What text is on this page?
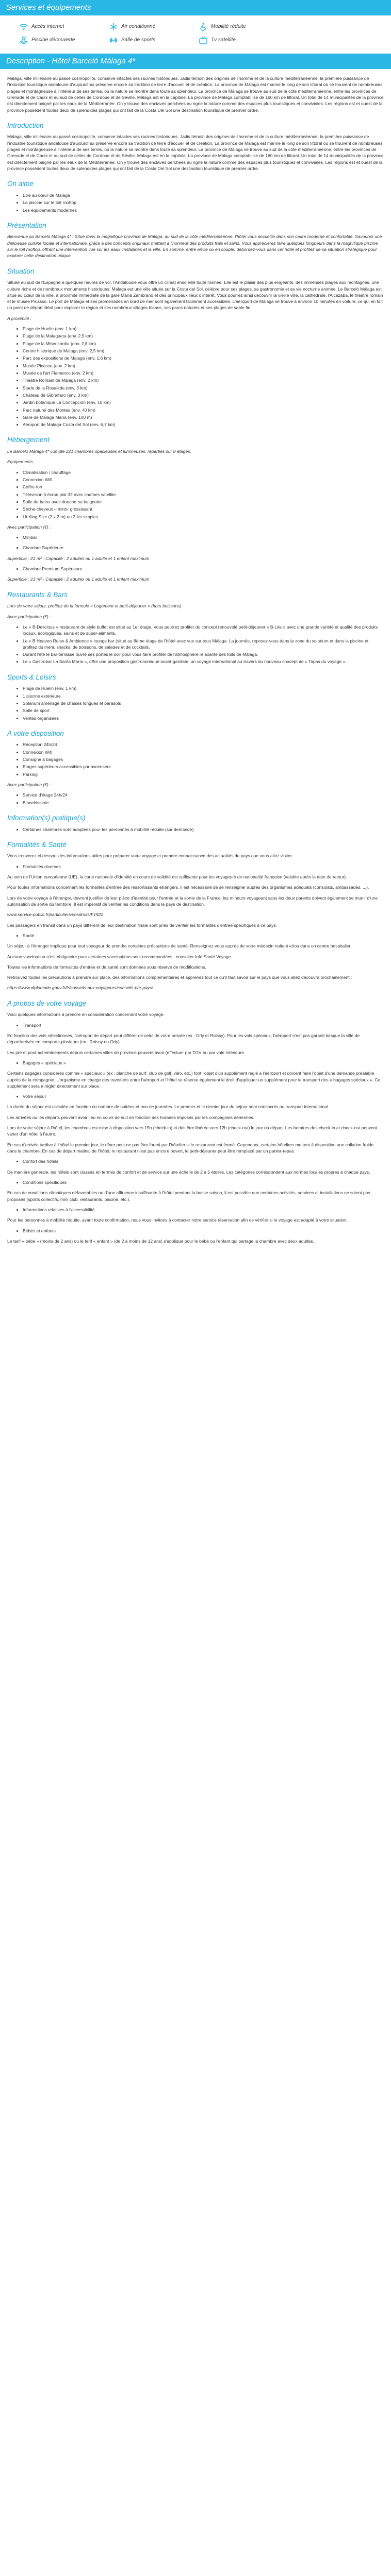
Services et équipements
Accès internet	Air conditionné	Mobilité réduite
Piscine découverte	Salle de sports	Tv satellite
Description - Hôtel Barceló Málaga 4*

Málaga, ville millénaire au passé cosmopolite, conserve intactes ses racines historiques. Jadis témoin des origines de l'homme et de la culture méditerranéenne, la première puissance de l'industrie touristique andalouse d'aujourd'hui préserve encore sa tradition de terre d'accueil et de création. La province de Málaga est marine le long de son littoral où se trouvent de nombreuses plages et montagneuse à l'intérieur de ses terres, où la nature se montre dans toute sa splendeur. La province de Málaga se trouve au sud de la côte méditerranéenne, entre les provinces de Grenade et de Cadix et au sud de celles de Cordoue et de Séville. Málaga est en la capitale. La province de Málaga comptabilise de 160 km de littoral. Un total de 14 municipalités de la province est directement baigné par les eaux de la Méditerranée. On y trouve des enclaves perchées au rigne la nature comme des espaces plus touristiques et conviviales. Les régions est et ouest de la province possèdent toutes deux de splendides plages qui ont fait de la Costa Del Sol une destination touristique de premier ordre.

Introduction

Málaga, ville millénaire au passé cosmopolite, conserve intactes ses racines historiques. Jadis témoin des origines de l'homme et de la culture méditerranéenne, la première puissance de l'industrie touristique andalouse d'aujourd'hui préserve encore sa tradition de terre d'accueil et de création. La province de Málaga est marine le long de son littoral où se trouvent de nombreuses plages et montagneuse à l'intérieur de ses terres, où la nature se montre dans toute sa splendeur. La province de Málaga se trouve au sud de la côte méditerranéenne, entre les provinces de Grenade et de Cadix et au sud de celles de Cordoue et de Séville. Málaga est en la capitale. La province de Málaga comptabilise de 160 km de littoral. Un total de 14 municipalités de la province est directement baigné par les eaux de la Méditerranée. On y trouve des enclaves perchées au rigne la nature comme des espaces plus touristiques et conviviales. Les régions est et ouest de la province possèdent toutes deux de splendides plages qui ont fait de la Costa Del Sol une destination touristique de premier ordre.

On aime
• Etre au cœur de Málaga
• La piscine sur le toit rooftop
• Les équipements modernes
Présentation

Bienvenue au Barceló Málaga 4* ! Situé dans la magnifique province de Málaga, au sud de la côte méditerranéenne, l'hôtel vous accueille dans son cadre moderne et confortable. Savourez une délicieuse cuisine locale et internationale, grâce à des concepts originaux mettant à l'honneur des produits frais et sains. Vous apprécierez faire quelques longueurs dans la magnifique piscine sur le toit rooftop, offrant une intervention vue sur les eaux cristallines et la ville. En somme, entre envie ou en couple, débordez-vous dans cet hôtel et profitez de sa situation stratégique pour explorer cette destination unique.

Situation

Située au sud de l'Espagne à quelques heures de vol, l'Andalousie vous offre un climat ensoleillé toute l'année. Elle est le plaisir des plus exigeants, des immenses plages aux montagnes, une culture riche et de nombreux monuments historiques. Málaga est une ville située sur la Costa del Sol, célèbre pour ses plages, sa gastronomie et sa vie nocturne animée. Le Barceló Málaga est situé au cœur de la ville, à proximité immédiate de la gare María Zambrano et des principaux lieux d'intérêt. Vous pourrez ainsi découvrir la vieille ville, la cathédrale, l'Alcazaba, le théâtre romain et le musée Picasso. Le port de Málaga et ses promenades en bord de mer sont également facilement accessibles. L'aéroport de Málaga se trouve à environ 10 minutes en voiture, ce qui en fait un point de départ idéal pour explorer la région et ses nombreux villages blancs, ses parcs naturels et ses plages de sable fin.

A proximité :

• Plage de Huelin (env. 1 km)
• Plage de la Malagueta (env. 2,5 km)
• Plage de la Misericordia (env. 2,8 km)
• Centre historique de Malaga (env. 2,5 km)
• Parc des expositions de Malaga (env. 1,6 km)
• Musée Picasso (env. 2 km)
• Musée de l'art Flamenco (env. 2 km)
• Théâtre Romain de Malaga (env. 2 km)
• Stade de la Rosaleda (env. 3 km)
• Château de Gibralfaro (env. 3 km)
• Jardin botanique La Concepción (env. 10 km)
• Parc naturel des Montes (env. 40 km)
• Gare de Malaga María (env. 100 m)
• Aéroport de Malaga-Costa del Sol (env. 6,7 km)
Hébergement

Le Barceló Málaga 4* compte 221 chambres spacieuses et lumineuses, réparties sur 8 étages.

Equipements :

• Climatisation / chauffage
• Connexion Wifi
• Coffre-fort
• Télévision à écran plat 32 avec chaînes satellite
• Salle de bains avec douche ou baignoire
• Sèche-cheveux – miroir grossissant
• Lit King Size (2 x 2 m) ou 2 lits simples

Avec participation (€) :

• Minibar
• Chambre Supérieure

Superficie : 21 m² - Capacité : 2 adultes ou 1 adulte et 1 enfant maximum

• Chambre Premium Supérieure

Superficie : 21 m² - Capacité : 2 adultes ou 1 adulte et 1 enfant maximum

Restaurants & Bars

Lors de votre séjour, profitez de la formule « Logement et petit-déjeuner » (hors boissons).

Avec participation (€) :

• Le « B-Delicious » restaurant de style buffet est situé au 1er étage. Vous pourrez profiter du concept renouvelé petit-déjeuner « B-Lite » avec une grande variété et qualité des produits locaux, écologiques, sains et de super-aliments.
• Le « B Heaven Relax & Ambience » lounge bar (situé au 8ème étage de l'hôtel avec vue sur tous Málaga. La journée, reposez-vous dans la zone du solarium et dans la piscine et profitez du menu snacks, de boissons, de salades et de cocktails.
• Durant l'été le bar-terrasse ouvre ses portes le soir pour vous faire profiter de l'atmosphère relaxante des toits de Málaga.
• Le « Gastrobar La Santa María », offre une proposition gastronomique avant-gardiste, un voyage international au travers du nouveau concept de « Tapas du voyage ».
Sports & Loisirs
• Plage de Huelin (env. 1 km)
• 1 piscine extérieure
• Solarium aménagé de chaises longues et parasols
• Salle de sport
• Ventes organisées
A votre disposition
• Réception 24h/24
• Connexion Wifi
• Consigne à bagages
• Etages supérieurs accessibles par ascenseur
• Parking

Avec participation (€) :

• Service d'étage 24h/24
• Blanchisserie
Information(s) pratique(s)
• Certaines chambres sont adaptées pour les personnes à mobilité réduite (sur demande).
Formalités & Santé

Vous trouverez ci-dessous les informations utiles pour préparer votre voyage et prendre connaissance des actualités du pays que vous allez visiter.

• Formalités diverses

Au sein de l'Union européenne (UE), la carte nationale d'identité en cours de validité est suffisante pour les voyageurs de nationalité française (valable après la date de retour).

Pour toutes informations concernant les formalités d'entrée des ressortissants étrangers, il est nécessaire de se renseigner auprès des organismes adéquats (consulats, ambassades, ...).

Lors de votre voyage à l'étranger, devront justifier de leur pièce d'identité pour l'entrée et la sortie de la France, les mineurs voyageant sans les deux parents doivent également se munir d'une autorisation de sortie du territoire. Il est impératif de vérifier les conditions dans le pays de destination.

www.service-public.fr/particuliers/vosdroits/F1922

Les passagers en transit dans un pays différent de leur destination finale sont priés de vérifier les formalités d'entrée spécifiques à ce pays.

• Santé

Un séjour à l'étranger implique pour tout voyageur de prendre certaines précautions de santé. Renseignez-vous auprès de votre médecin traitant et/ou dans un centre hospitalier.

Aucune vaccination n'est obligatoire pour certaines vaccinations sont recommandées : consulter Info Santé Voyage.

Toutes les informations de formalités d'entrée et de santé sont données sous réserve de modifications.

Retrouvez toutes les précautions à prendre sur place, des informations complémentaires et apprenez tout ce qu'il faut savoir sur le pays que vous allez découvrir prochainement :

https://www.diplomatie.gouv.fr/fr/conseils-aux-voyageurs/conseils-par-pays/

A propos de votre voyage

Voici quelques informations à prendre en considération concernant votre voyage.

• Transport

En fonction des vols sélectionnés, l'aéroport de départ peut différer de celui de votre arrivée (ex : Orly et Roissy). Pour les vols spéciaux, l'aéroport n'est pas garanti lorsque la ville de départ/arrivée en comporte plusieurs (ex : Roissy ou Orly).

Les pré et post-acheminements depuis certaines villes de province peuvent avoir (effectuer par TGV ou par voie intérieure.

• Bagages « spéciaux »

Certains bagages considérés comme « spéciaux » (ex : planche de surf, club de golf, vélo, etc.) font l'objet d'un supplément réglé à l'aéroport et doivent faire l'objet d'une demande préalable auprès de la compagnie. L'organisme en charge des transferts entre l'aéroport et l'hôtel se réserve également le droit d'appliquer un supplément pour le transport des « bagages spéciaux ». Ce supplément sera à régler directement sur place.

• Votre séjour

La durée du séjour est calculée en fonction du nombre de nuitées et non de journées. Le premier et le dernier jour du séjour sont consacrés au transport international.

Les arrivées ou les départs peuvent avoir lieu en cours de nuit en fonction des horaires imposés par les compagnies aériennes.

Lors de votre séjour à l'hôtel, les chambres est mise à disposition vers 15h (check-in) et doit être libérée vers 12h (check-out) le jour du départ. Les horaires des check-in et check-out peuvent varier d'un hôtel à l'autre.

En cas d'arrivée tardive à l'hôtel le premier jour, le dîner peut ne pas être fourni par l'hôtelier si le restaurant est fermé. Cependant, certains hôteliers mettent à disposition une collation froide dans la chambre. En cas de départ matinal de l'hôtel, le restaurant n'est pas encore ouvert, le petit-déjeuner peut être remplacé par un panier-repas.

• Confort des hôtels

De manière générale, les hôtels sont classés en termes de confort et de service sur une échelle de 2 à 5 étoiles. Les catégories correspondent aux normes locales propres à chaque pays.

• Conditions spécifiques

En cas de conditions climatiques défavorables ou d'une affluence insuffisante à l'hôtel pendant la basse saison, il est possible que certaines activités, services et installations ne soient pas proposés (sports collectifs, mini club, restaurants, piscine, etc.).

• Informations relatives à l'accessibilité

Pour les personnes à mobilité réduite, avant toute confirmation, nous vous invitons à contacter notre service réservation afin de vérifier si le voyage est adapté à votre situation.

• Bébés et enfants

Le tarif « bébé » (moins de 2 ans) ou le tarif « enfant » (de 2 à moins de 12 ans) s'applique pour le bébé ou l'enfant qui partage la chambre avec deux adultes.
